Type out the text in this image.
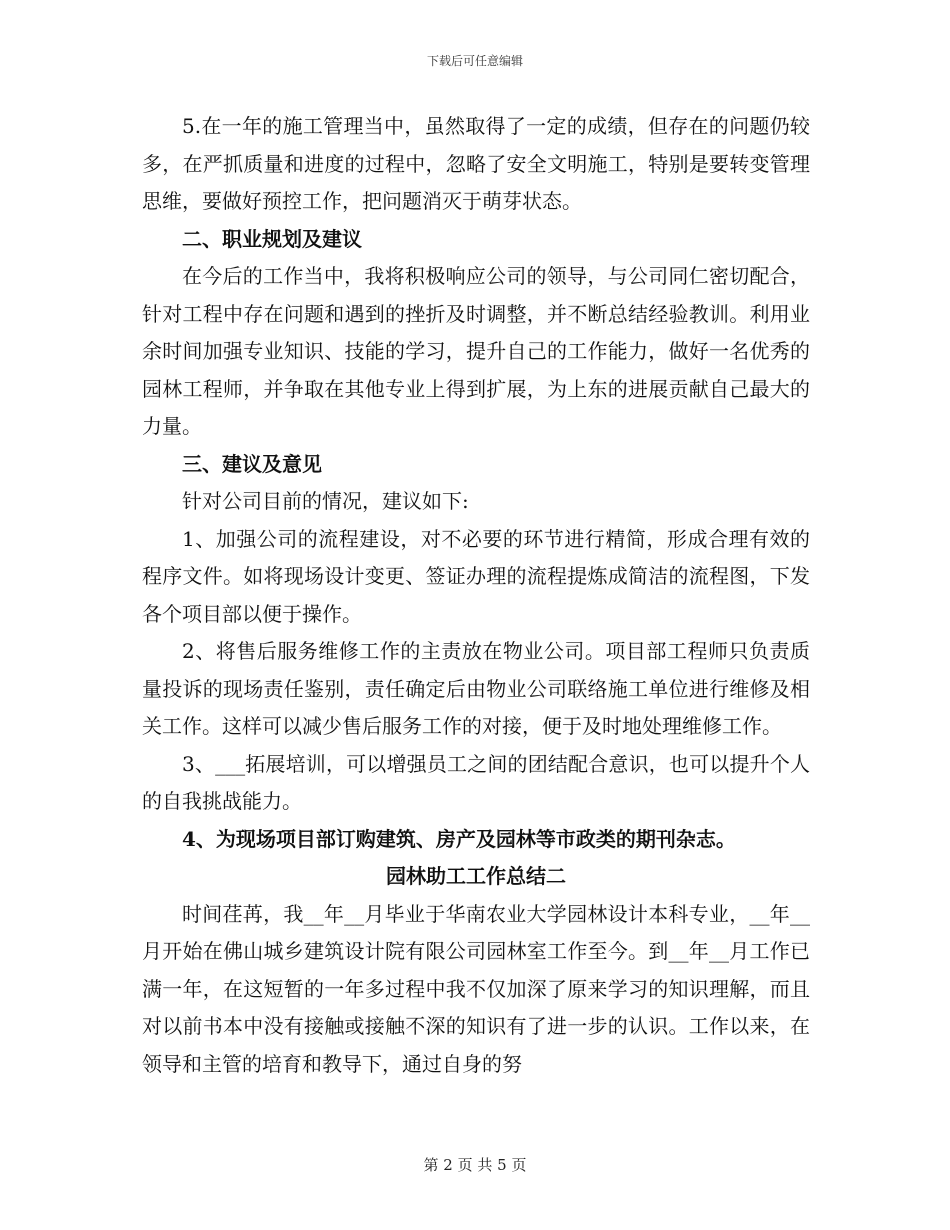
下载后可任意编辑

5.在一年的施工管理当中，虽然取得了一定的成绩，但存在的问题仍较多，在严抓质量和进度的过程中，忽略了安全文明施工，特别是要转变管理思维，要做好预控工作，把问题消灭于萌芽状态。

二、职业规划及建议

在今后的工作当中，我将积极响应公司的领导，与公司同仁密切配合，针对工程中存在问题和遇到的挫折及时调整，并不断总结经验教训。利用业余时间加强专业知识、技能的学习，提升自己的工作能力，做好一名优秀的园林工程师，并争取在其他专业上得到扩展，为上东的进展贡献自己最大的力量。

三、建议及意见

针对公司目前的情况，建议如下:

1、加强公司的流程建设，对不必要的环节进行精简，形成合理有效的程序文件。如将现场设计变更、签证办理的流程提炼成简洁的流程图，下发各个项目部以便于操作。

2、将售后服务维修工作的主责放在物业公司。项目部工程师只负责质量投诉的现场责任鉴别，责任确定后由物业公司联络施工单位进行维修及相关工作。这样可以减少售后服务工作的对接，便于及时地处理维修工作。

3、___拓展培训，可以增强员工之间的团结配合意识，也可以提升个人的自我挑战能力。

4、为现场项目部订购建筑、房产及园林等市政类的期刊杂志。

园林助工工作总结二

时间荏苒，我__年__月毕业于华南农业大学园林设计本科专业，__年__月开始在佛山城乡建筑设计院有限公司园林室工作至今。到__年__月工作已满一年，在这短暂的一年多过程中我不仅加深了原来学习的知识理解，而且对以前书本中没有接触或接触不深的知识有了进一步的认识。工作以来，在领导和主管的培育和教导下，通过自身的努

第 2 页 共 5 页
